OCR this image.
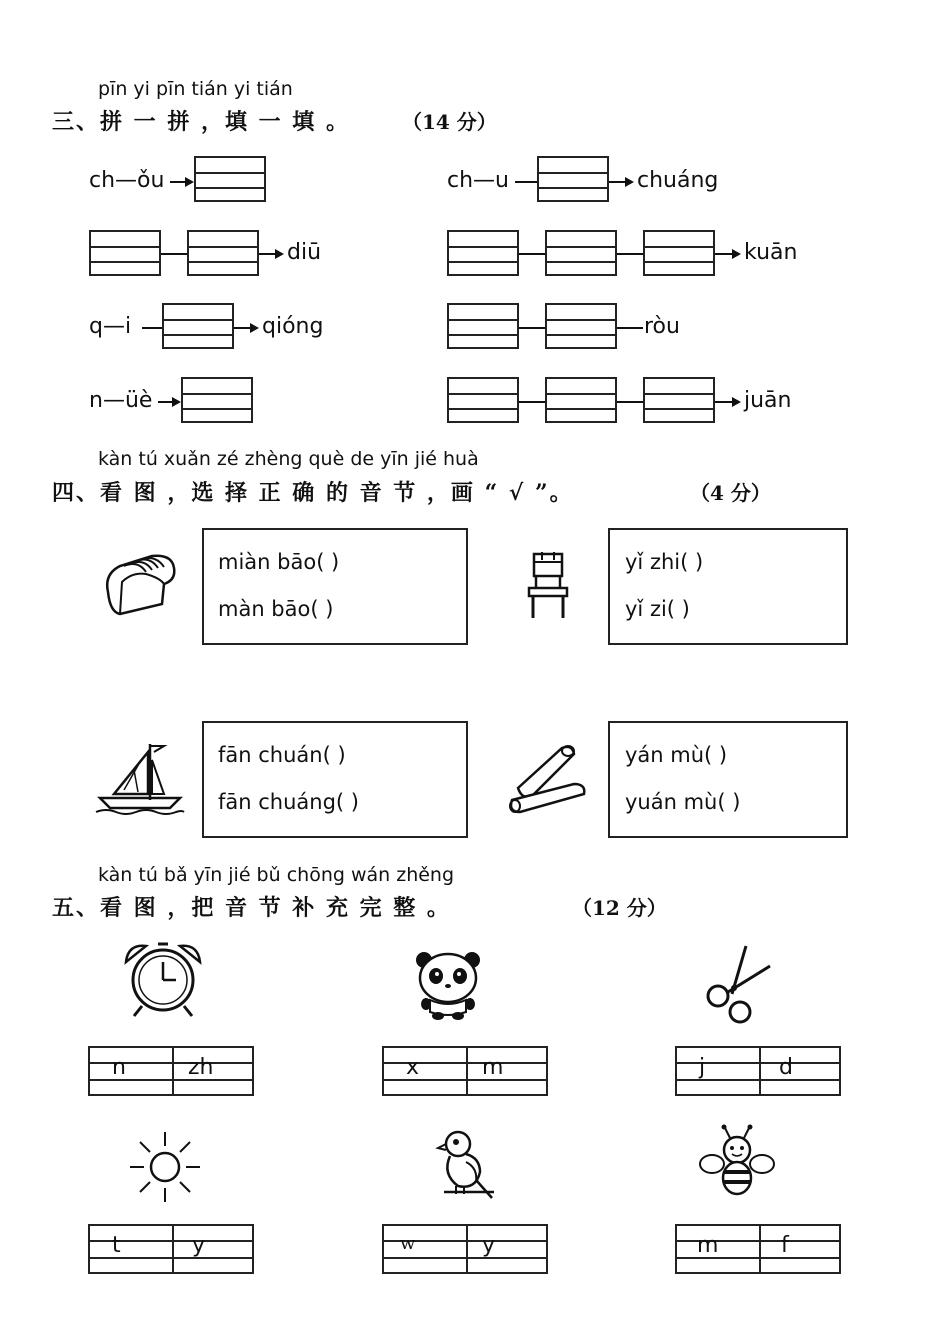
pīn yi pīn tián yi tián
三、拼 一 拼 ，填 一 填 。	（14 分）
ch—ǒu	ch—u	chuáng
diū	kuān
q—i	qióng	ròu
n—üè	juān
kàn tú xuǎn zé zhèng què de yīn jié huà
四、看 图 ，选 择 正 确 的 音 节 ，画 “ √ ”。	（4 分）
miàn bāo( )
màn bāo( )
yǐ zhi( )
yǐ zi( )
fān chuán( )
fān chuáng( )
yán mù( )
yuán mù( )
kàn tú bǎ yīn jié bǔ chōng wán zhěng
五、看 图 ，把 音 节 补 充 完 整 。	（12 分）
n	zh	x	m	j	d
t	y	w	y	m	f
